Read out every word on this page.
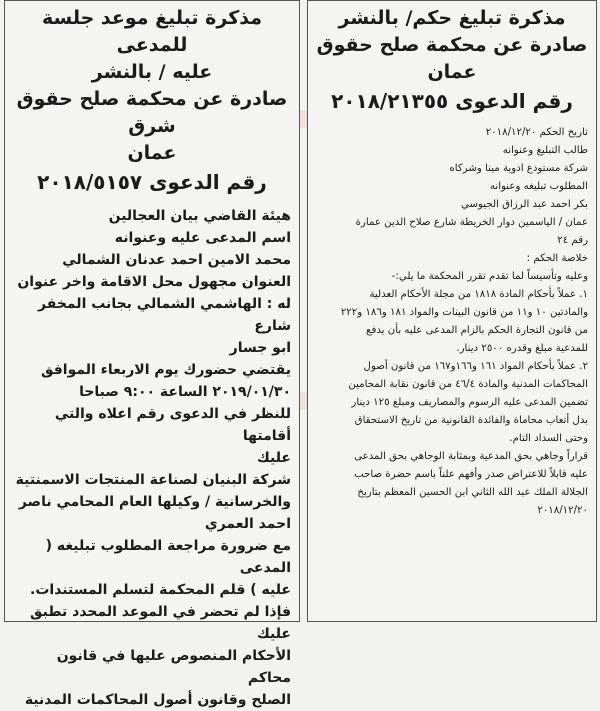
مذكرة تبليغ حكم/ بالنشر

صادرة عن محكمة صلح حقوق عمان

رقم الدعوى ٢٠١٨/٢١٣٥٥

تاريخ الحكم ٢٠١٨/١٢/٢٠

طالب التبليغ وعنوانه

شركة مستودع ادوية مينا وشركاه

المطلوب تبليغه وعنوانه

بكر احمد عبد الرزاق الجيوسي

عمان / الياسمين دوار الخريطة شارع صلاح الدين عمارة

رقم ٢٤

خلاصة الحكم :

وعليه وتأسيساً لما تقدم تقرر المحكمة ما يلي:-

١. عملاً بأحكام المادة ١٨١٨ من مجلة الأحكام العدلية

والمادتين ١٠ و١١ من قانون البينات والمواد ١٨١ و١٨٦ و٢٢٢

من قانون التجارة الحكم بالزام المدعى عليه بأن يدفع

للمدعية مبلغ وقدره ٢٥٠٠ دينار.

٢. عملاً بأحكام المواد ١٦١ و١٦٦و١٦٧ من قانون أصول

المحاكمات المدنية والمادة ٤٦/٤ من قانون نقابة المحامين

تضمين المدعى عليه الرسوم والمصاريف ومبلغ ١٢٥ دينار

بدل أتعاب محاماة والفائدة القانونية من تاريخ الاستحقاق

وحتى السداد التام.

قراراً وجاهي بحق المدعية وبمثابة الوجاهي بحق المدعى

عليه قابلاً للاعتراض صدر وأفهم علناً باسم حضرة صاحب

الجلالة الملك عبد الله الثاني ابن الحسين المعظم بتاريخ

٢٠١٨/١٢/٢٠

مذكرة تبليغ موعد جلسة للمدعى

عليه / بالنشر

صادرة عن محكمة صلح حقوق شرق

عمان

رقم الدعوى ٢٠١٨/٥١٥٧

هيئة القاضي بيان العجالين

اسم المدعى عليه وعنوانه

محمد الامين احمد عدنان الشمالي

العنوان مجهول محل الاقامة واخر عنوان

له : الهاشمي الشمالي بجانب المخفر شارع

ابو جسار

يقتضي حضورك يوم الاربعاء الموافق

٢٠١٩/٠١/٣٠ الساعة ٩:٠٠ صباحا

للنظر في الدعوى رقم اعلاه والتي أقامتها

عليك

شركة البنيان لصناعة المنتجات الاسمنتية

والخرسانية / وكيلها العام المحامي ناصر

احمد العمري

مع ضرورة مراجعة المطلوب تبليغه ( المدعى

عليه ) قلم المحكمة لتسلم المستندات.

فإذا لم تحضر في الموعد المحدد تطبق عليك

الأحكام المنصوص عليها في قانون محاكم

الصلح وقانون أصول المحاكمات المدنية
